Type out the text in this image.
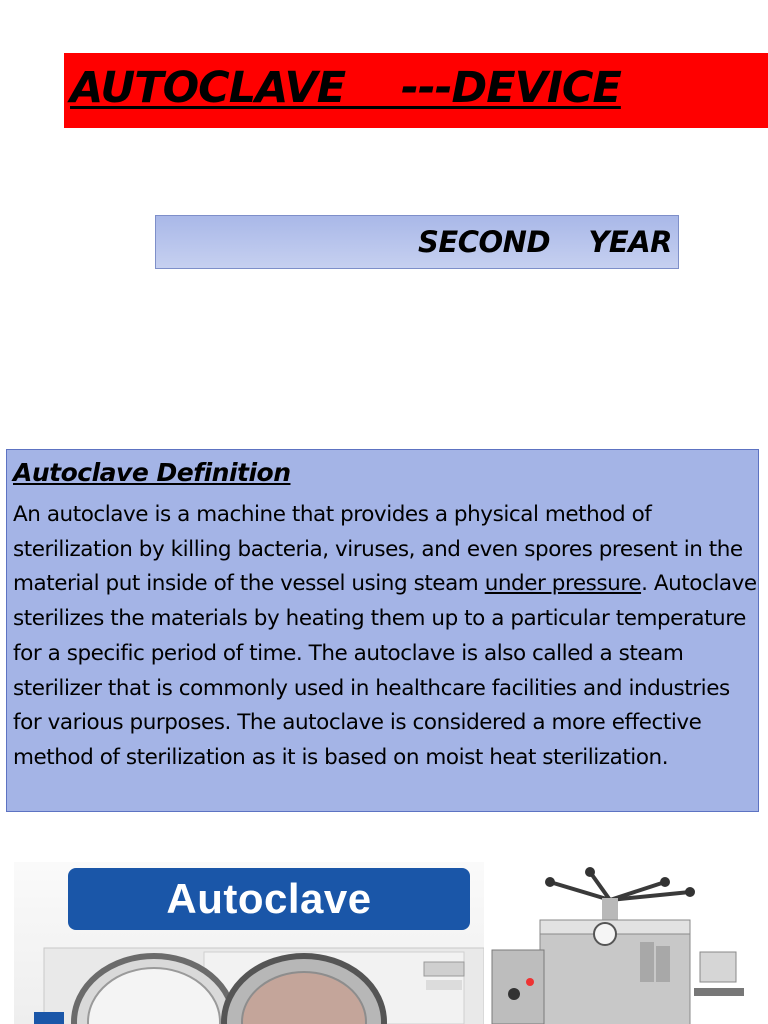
AUTOCLAVE    ---DEVICE
SECOND    YEAR
Autoclave Definition
An autoclave is a machine that provides a physical method of sterilization by killing bacteria, viruses, and even spores present in the material put inside of the vessel using steam under pressure. Autoclave sterilizes the materials by heating them up to a particular temperature for a specific period of time. The autoclave is also called a steam sterilizer that is commonly used in healthcare facilities and industries for various purposes. The autoclave is considered a more effective method of sterilization as it is based on moist heat sterilization.
Autoclave
